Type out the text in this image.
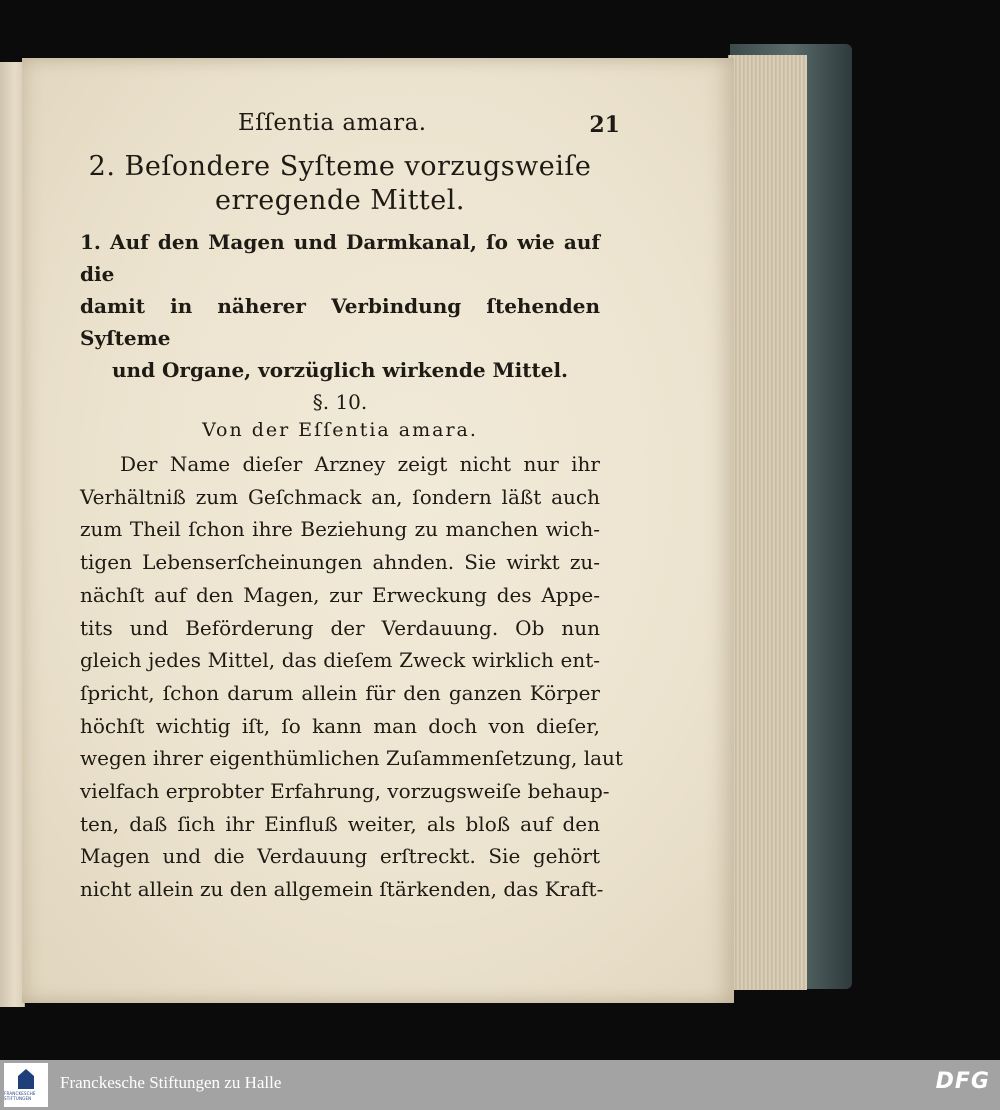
Eſſentia amara.	21
2. Beſondere Syſteme vorzugsweiſe
erregende Mittel.
1. Auf den Magen und Darmkanal, ſo wie auf die
damit in näherer Verbindung ſtehenden Syſteme
und Organe, vorzüglich wirkende Mittel.
§. 10.
Von der Eſſentia amara.
Der Name dieſer Arzney zeigt nicht nur ihr
Verhältniß zum Geſchmack an, ſondern läßt auch
zum Theil ſchon ihre Beziehung zu manchen wich-
tigen Lebenserſcheinungen ahnden. Sie wirkt zu-
nächſt auf den Magen, zur Erweckung des Appe-
tits und Beförderung der Verdauung. Ob nun
gleich jedes Mittel, das dieſem Zweck wirklich ent-
ſpricht, ſchon darum allein für den ganzen Körper
höchſt wichtig iſt, ſo kann man doch von dieſer,
wegen ihrer eigenthümlichen Zuſammenſetzung, laut
vielfach erprobter Erfahrung, vorzugsweiſe behaup-
ten, daß ſich ihr Einfluß weiter, als bloß auf den
Magen und die Verdauung erſtreckt. Sie gehört
nicht allein zu den allgemein ſtärkenden, das Kraft-
FRANCKESCHE STIFTUNGEN
Franckesche Stiftungen zu Halle	DFG
